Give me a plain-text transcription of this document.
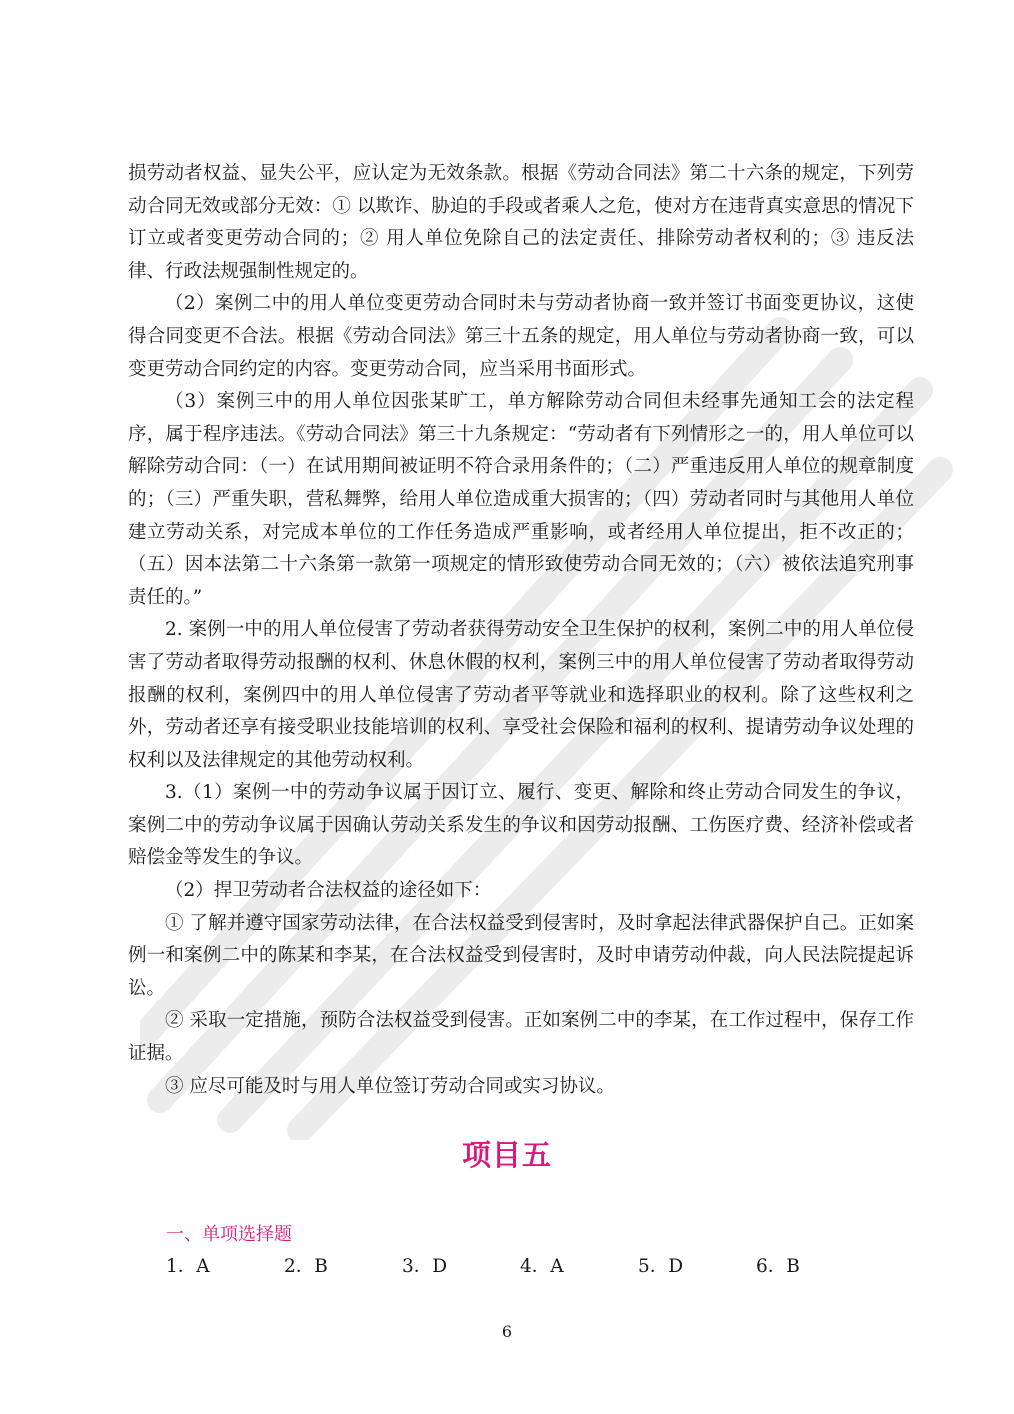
损劳动者权益、显失公平，应认定为无效条款。根据《劳动合同法》第二十六条的规定，下列劳动合同无效或部分无效：① 以欺诈、胁迫的手段或者乘人之危，使对方在违背真实意思的情况下订立或者变更劳动合同的；② 用人单位免除自己的法定责任、排除劳动者权利的；③ 违反法律、行政法规强制性规定的。

（2）案例二中的用人单位变更劳动合同时未与劳动者协商一致并签订书面变更协议，这使得合同变更不合法。根据《劳动合同法》第三十五条的规定，用人单位与劳动者协商一致，可以变更劳动合同约定的内容。变更劳动合同，应当采用书面形式。

（3）案例三中的用人单位因张某旷工，单方解除劳动合同但未经事先通知工会的法定程序，属于程序违法。《劳动合同法》第三十九条规定：“劳动者有下列情形之一的，用人单位可以解除劳动合同：（一）在试用期间被证明不符合录用条件的；（二）严重违反用人单位的规章制度的；（三）严重失职，营私舞弊，给用人单位造成重大损害的；（四）劳动者同时与其他用人单位建立劳动关系，对完成本单位的工作任务造成严重影响，或者经用人单位提出，拒不改正的；（五）因本法第二十六条第一款第一项规定的情形致使劳动合同无效的；（六）被依法追究刑事责任的。”

2. 案例一中的用人单位侵害了劳动者获得劳动安全卫生保护的权利，案例二中的用人单位侵害了劳动者取得劳动报酬的权利、休息休假的权利，案例三中的用人单位侵害了劳动者取得劳动报酬的权利，案例四中的用人单位侵害了劳动者平等就业和选择职业的权利。除了这些权利之外，劳动者还享有接受职业技能培训的权利、享受社会保险和福利的权利、提请劳动争议处理的权利以及法律规定的其他劳动权利。

3.（1）案例一中的劳动争议属于因订立、履行、变更、解除和终止劳动合同发生的争议，案例二中的劳动争议属于因确认劳动关系发生的争议和因劳动报酬、工伤医疗费、经济补偿或者赔偿金等发生的争议。

（2）捍卫劳动者合法权益的途径如下：

① 了解并遵守国家劳动法律，在合法权益受到侵害时，及时拿起法律武器保护自己。正如案例一和案例二中的陈某和李某，在合法权益受到侵害时，及时申请劳动仲裁，向人民法院提起诉讼。

② 采取一定措施，预防合法权益受到侵害。正如案例二中的李某，在工作过程中，保存工作证据。

③ 应尽可能及时与用人单位签订劳动合同或实习协议。

项目五
一、单项选择题
1．A	2．B	3．D	4．A	5．D	6．B
6
